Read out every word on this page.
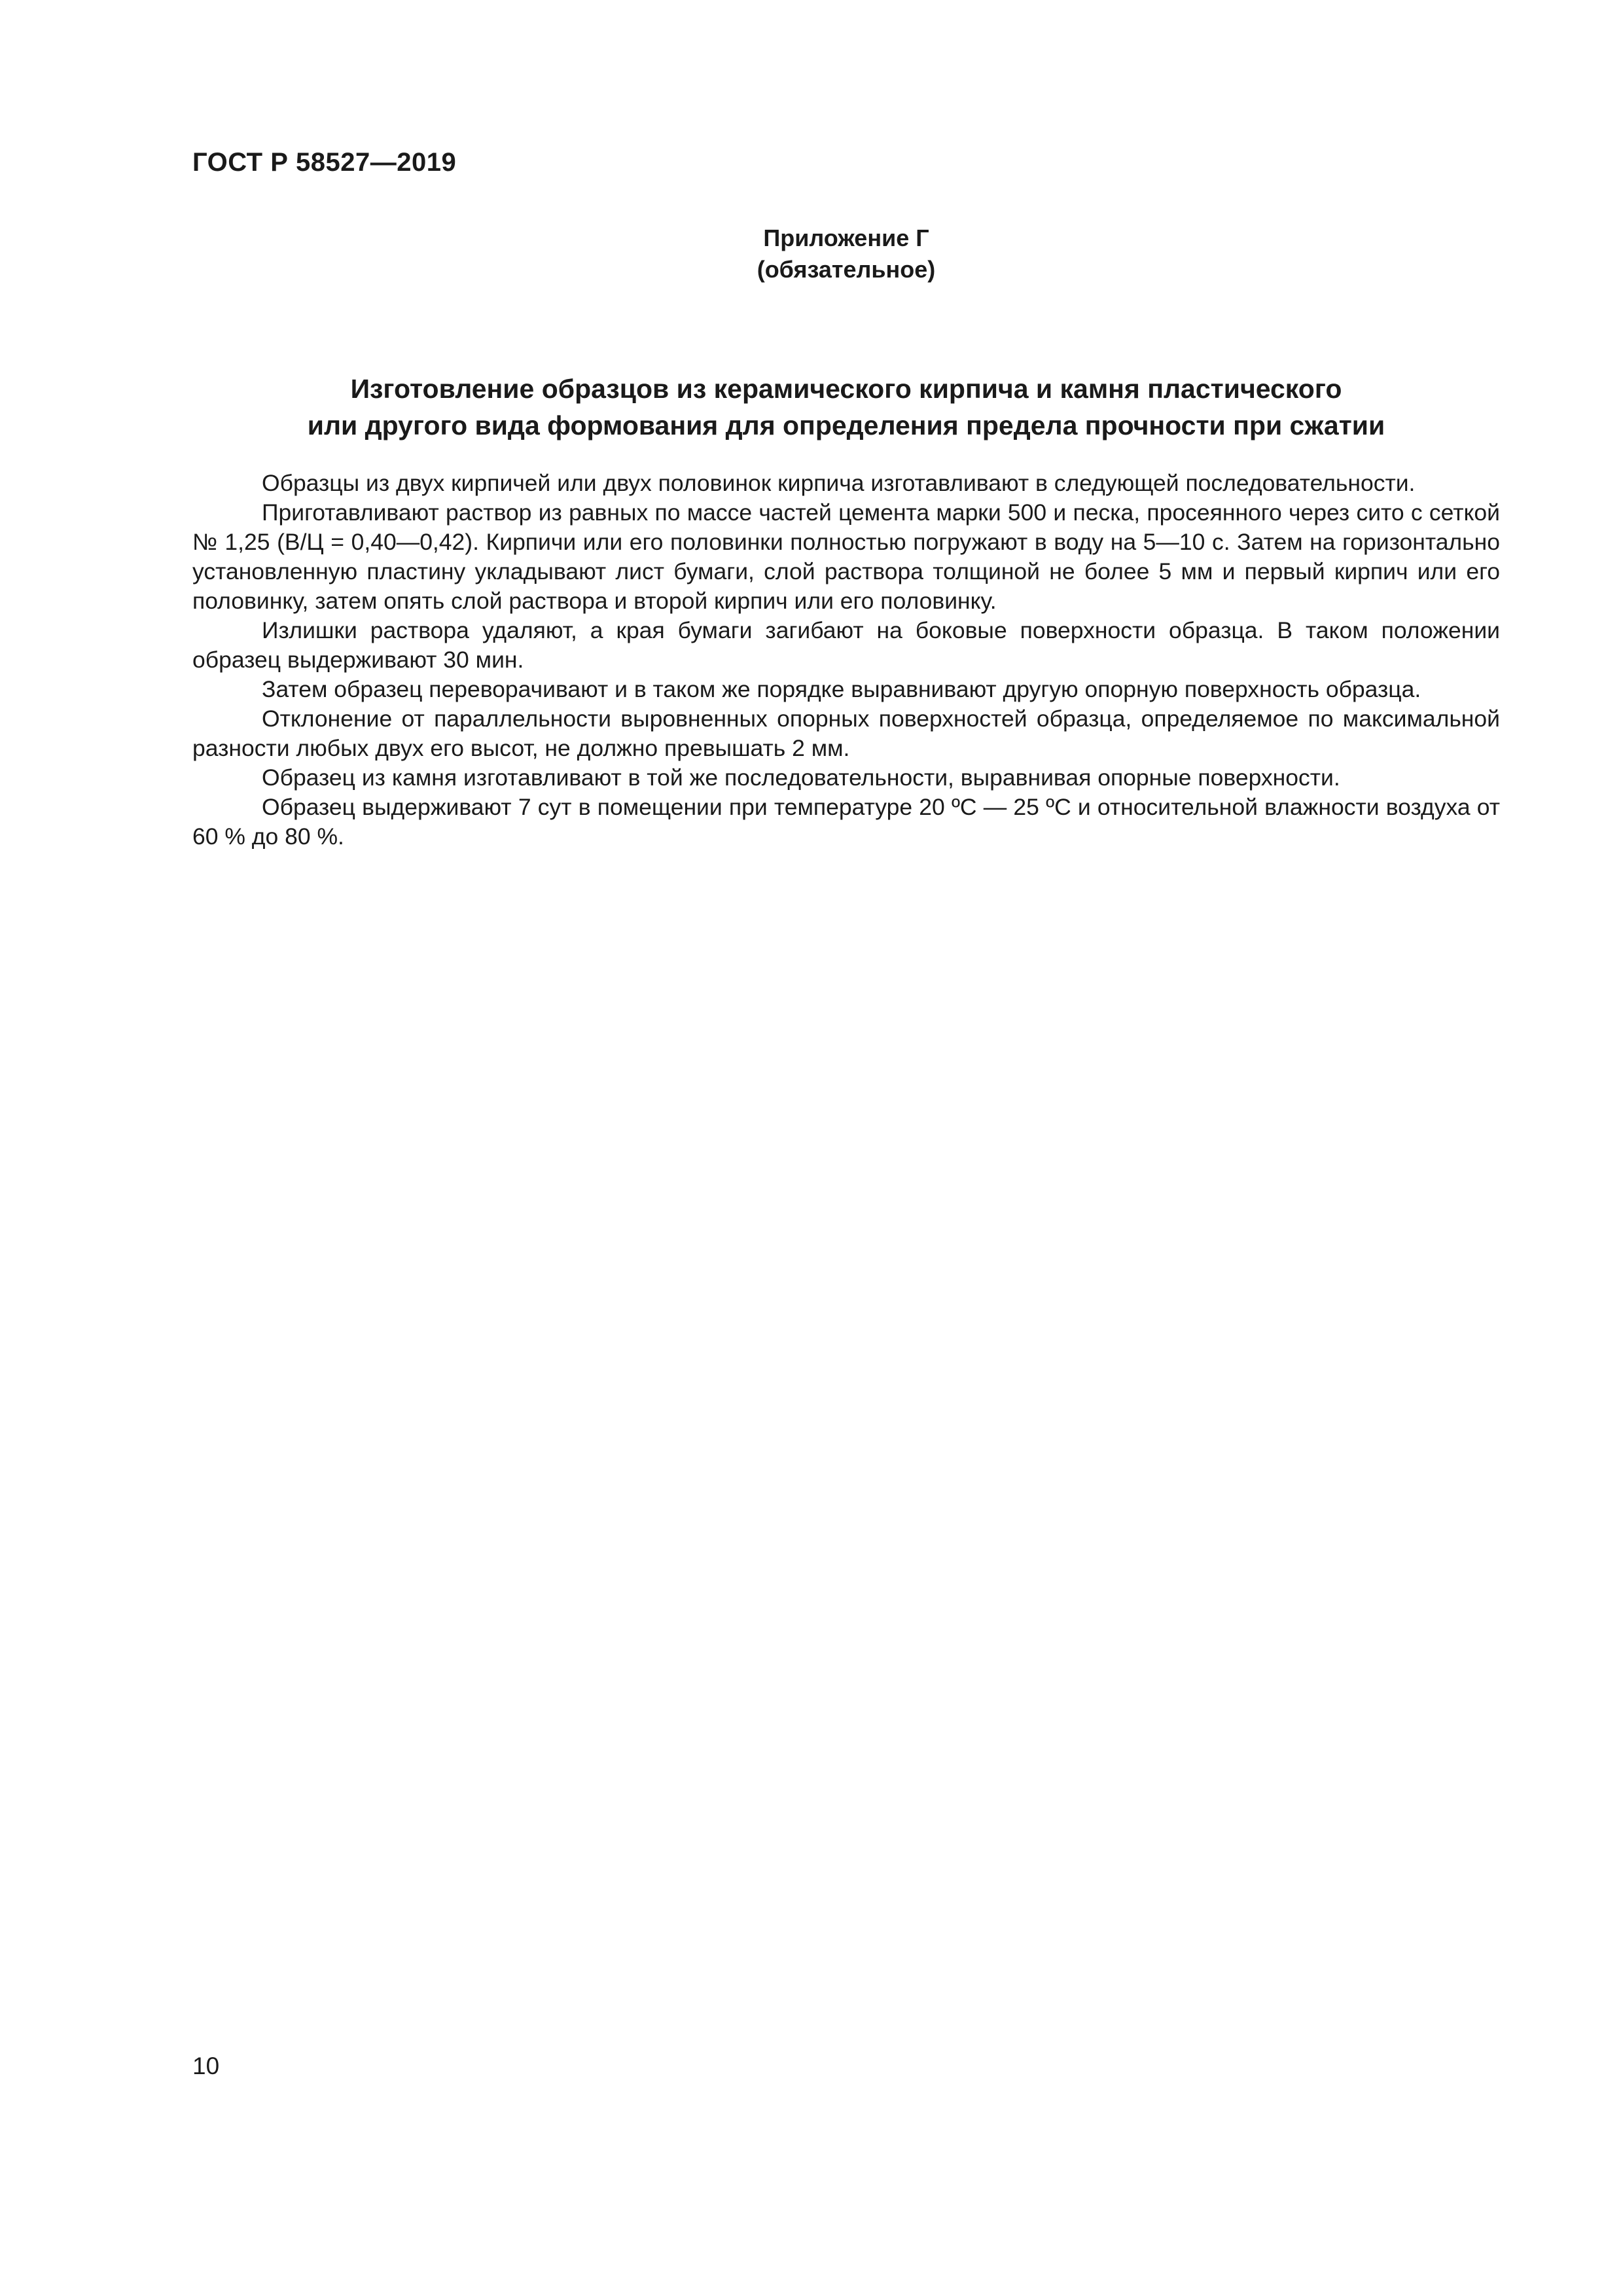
ГОСТ Р 58527—2019
Приложение Г
(обязательное)
Изготовление образцов из керамического кирпича и камня пластического
или другого вида формования для определения предела прочности при сжатии

Образцы из двух кирпичей или двух половинок кирпича изготавливают в следующей последовательности.

Приготавливают раствор из равных по массе частей цемента марки 500 и песка, просеянного через сито с сеткой № 1,25 (В/Ц = 0,40—0,42). Кирпичи или его половинки полностью погружают в воду на 5—10 с. Затем на горизонтально установленную пластину укладывают лист бумаги, слой раствора толщиной не более 5 мм и первый кирпич или его половинку, затем опять слой раствора и второй кирпич или его половинку.

Излишки раствора удаляют, а края бумаги загибают на боковые поверхности образца. В таком положении образец выдерживают 30 мин.

Затем образец переворачивают и в таком же порядке выравнивают другую опорную поверхность образца.

Отклонение от параллельности выровненных опорных поверхностей образца, определяемое по максимальной разности любых двух его высот, не должно превышать 2 мм.

Образец из камня изготавливают в той же последовательности, выравнивая опорные поверхности.

Образец выдерживают 7 сут в помещении при температуре 20 ºС — 25 ºС и относительной влажности воздуха от 60 % до 80 %.

10
